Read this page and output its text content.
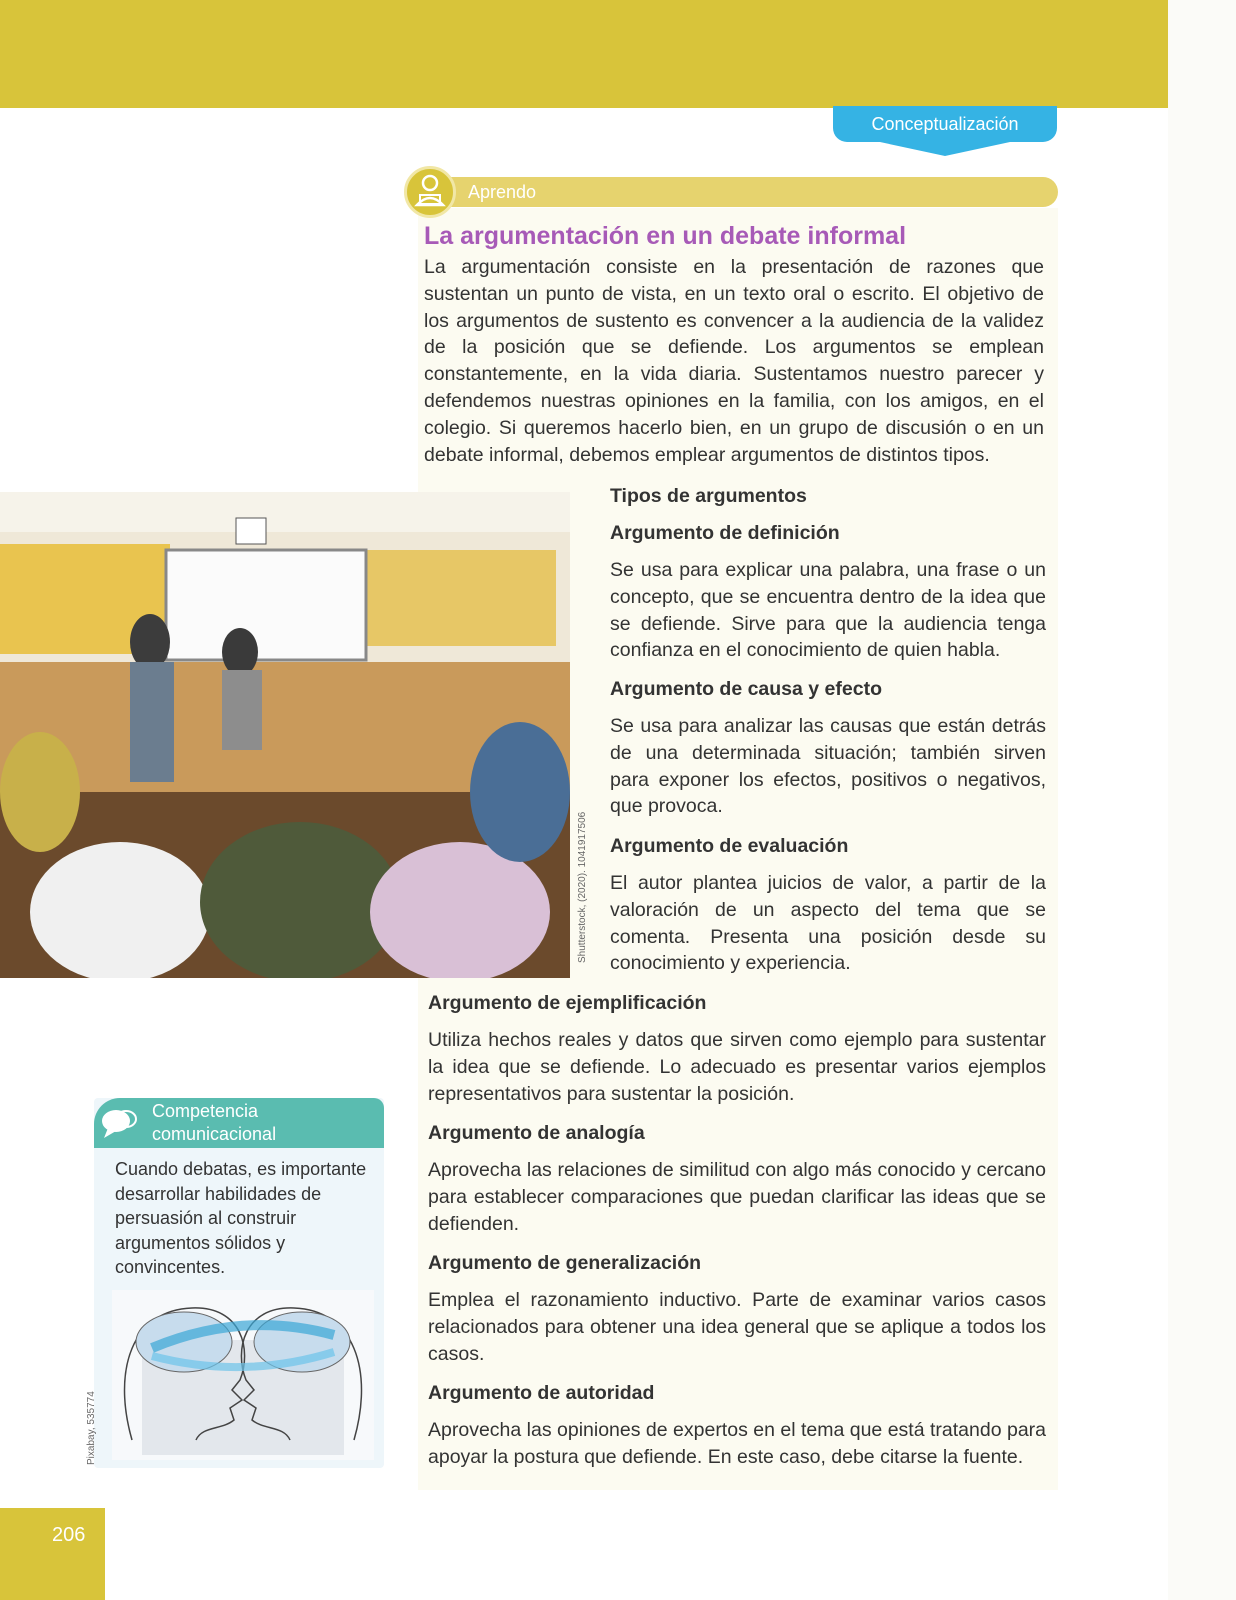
Conceptualización
Aprendo
La argumentación en un debate informal
La argumentación consiste en la presentación de razones que sustentan un punto de vista, en un texto oral o escrito. El objetivo de los argumentos de sustento es convencer a la audiencia de la validez de la posición que se defiende. Los argumentos se emplean constantemente, en la vida diaria. Sustentamos nuestro parecer y defendemos nuestras opiniones en la familia, con los amigos, en el colegio. Si queremos hacerlo bien, en un grupo de discusión o en un debate informal, debemos emplear argumentos de distintos tipos.
Shutterstock, (2020). 1041917506
Tipos de argumentos
Argumento de definición
Se usa para explicar una palabra, una frase o un concepto, que se encuentra dentro de la idea que se defiende. Sirve para que la audiencia tenga confianza en el conocimiento de quien habla.
Argumento de causa y efecto
Se usa para analizar las causas que están detrás de una determinada situación; también sirven para exponer los efectos, positivos o negativos, que provoca.
Argumento de evaluación
El autor plantea juicios de valor, a partir de la valoración de un aspecto del tema que se comenta. Presenta una posición desde su conocimiento y experiencia.
Argumento de ejemplificación
Utiliza hechos reales y datos que sirven como ejemplo para sustentar la idea que se defiende. Lo adecuado es presentar varios ejemplos representativos para sustentar la posición.
Argumento de analogía
Aprovecha las relaciones de similitud con algo más conocido y cercano para establecer comparaciones que puedan clarificar las ideas que se defienden.
Argumento de generalización
Emplea el razonamiento inductivo. Parte de examinar varios casos relacionados para obtener una idea general que se aplique a todos los casos.
Argumento de autoridad
Aprovecha las opiniones de expertos en el tema que está tratando para apoyar la postura que defiende. En este caso, debe citarse la fuente.
Competencia comunicacional
Cuando debatas, es importante desarrollar habilidades de persuasión al construir argumentos sólidos y convincentes.
Pixabay, 535774
206
